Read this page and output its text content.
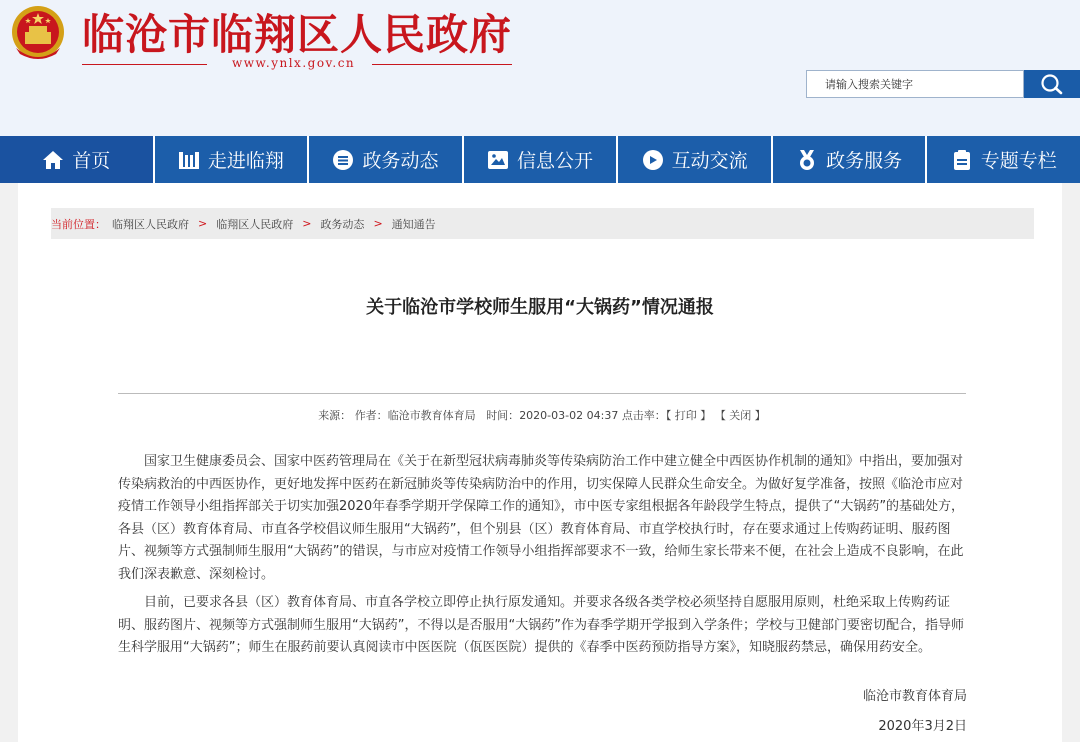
临沧市临翔区人民政府
www.ynlx.gov.cn
请输入搜索关键字
首页	走进临翔	政务动态	信息公开	互动交流	政务服务	专题专栏
当前位置： 临翔区人民政府 > 临翔区人民政府 > 政务动态 > 通知通告
关于临沧市学校师生服用“大锅药”情况通报
来源： 作者：临沧市教育体育局 时间：2020-03-02 04:37 点击率：【 打印 】 【 关闭 】

国家卫生健康委员会、国家中医药管理局在《关于在新型冠状病毒肺炎等传染病防治工作中建立健全中西医协作机制的通知》中指出，要加强对传染病救治的中西医协作，更好地发挥中医药在新冠肺炎等传染病防治中的作用，切实保障人民群众生命安全。为做好复学准备，按照《临沧市应对疫情工作领导小组指挥部关于切实加强2020年春季学期开学保障工作的通知》，市中医专家组根据各年龄段学生特点，提供了“大锅药”的基础处方，各县（区）教育体育局、市直各学校倡议师生服用“大锅药”，但个别县（区）教育体育局、市直学校执行时，存在要求通过上传购药证明、服药图片、视频等方式强制师生服用“大锅药”的错误，与市应对疫情工作领导小组指挥部要求不一致，给师生家长带来不便，在社会上造成不良影响，在此我们深表歉意、深刻检讨。

目前，已要求各县（区）教育体育局、市直各学校立即停止执行原发通知。并要求各级各类学校必须坚持自愿服用原则，杜绝采取上传购药证明、服药图片、视频等方式强制师生服用“大锅药”，不得以是否服用“大锅药”作为春季学期开学报到入学条件；学校与卫健部门要密切配合，指导师生科学服用“大锅药”；师生在服药前要认真阅读市中医医院（佤医医院）提供的《春季中医药预防指导方案》，知晓服药禁忌，确保用药安全。

临沧市教育体育局
2020年3月2日
